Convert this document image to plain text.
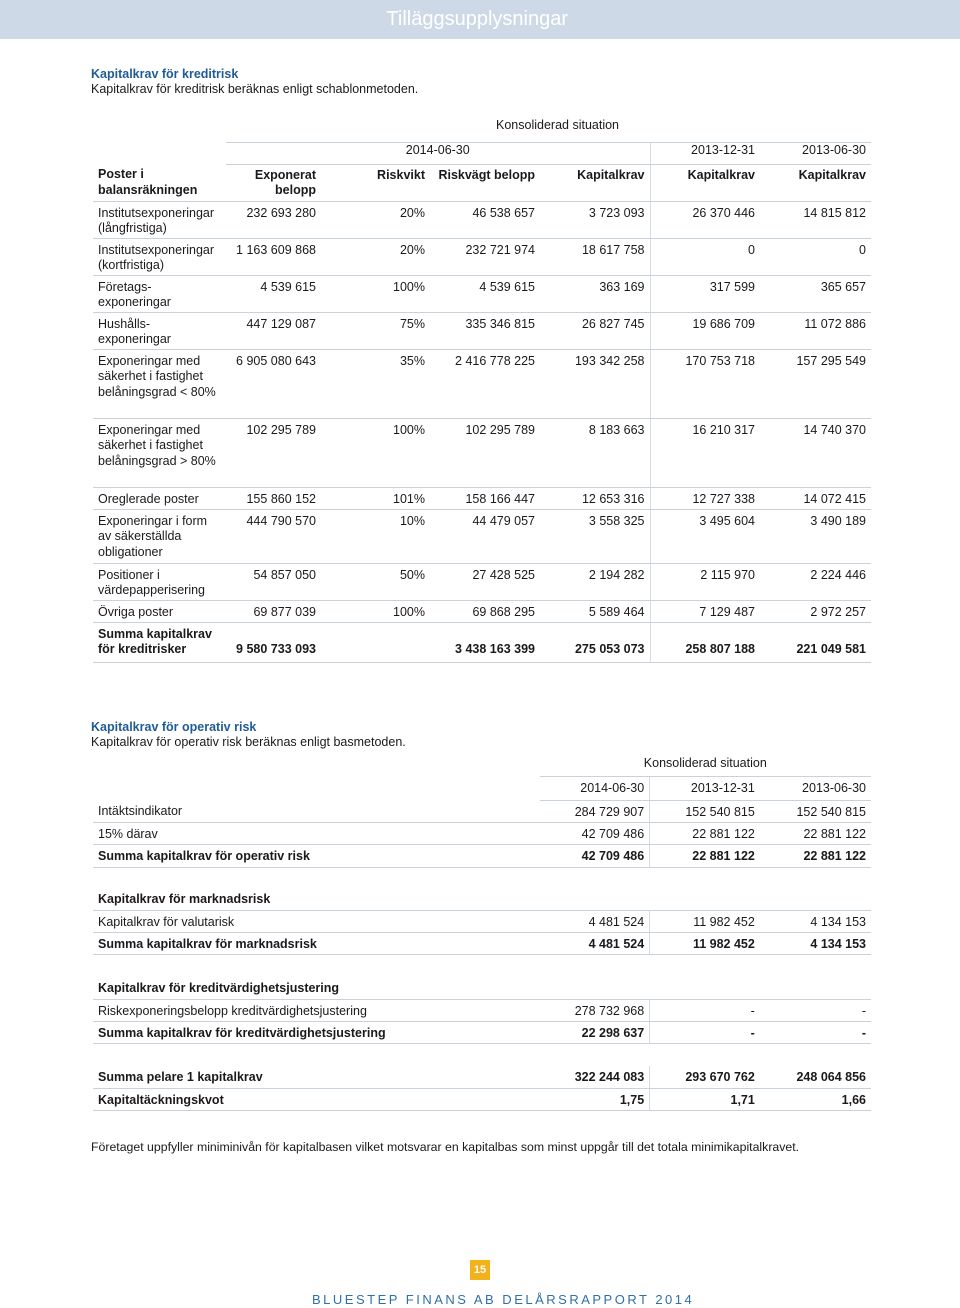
Tilläggsupplysningar
Kapitalkrav för kreditrisk
Kapitalkrav för kreditrisk beräknas enligt schablonmetoden.
			Konsoliderad situation			
	2014-06-30				2013-12-31	2013-06-30
Poster i balansräkningen	Exponerat belopp	Riskvikt	Riskvägt belopp	Kapitalkrav	Kapitalkrav	Kapitalkrav
Institutsexponeringar (långfristiga)	232 693 280	20%	46 538 657	3 723 093	26 370 446	14 815 812
Institutsexponeringar (kortfristiga)	1 163 609 868	20%	232 721 974	18 617 758	0	0
Företags- exponeringar	4 539 615	100%	4 539 615	363 169	317 599	365 657
Hushålls- exponeringar	447 129 087	75%	335 346 815	26 827 745	19 686 709	11 072 886
Exponeringar med säkerhet i fastighet belåningsgrad < 80%	6 905 080 643	35%	2 416 778 225	193 342 258	170 753 718	157 295 549
Exponeringar med säkerhet i fastighet belåningsgrad > 80%	102 295 789	100%	102 295 789	8 183 663	16 210 317	14 740 370
Oreglerade poster	155 860 152	101%	158 166 447	12 653 316	12 727 338	14 072 415
Exponeringar i form av säkerställda obligationer	444 790 570	10%	44 479 057	3 558 325	3 495 604	3 490 189
Positioner i värdepapperisering	54 857 050	50%	27 428 525	2 194 282	2 115 970	2 224 446
Övriga poster	69 877 039	100%	69 868 295	5 589 464	7 129 487	2 972 257
Summa kapitalkrav för kreditrisker	9 580 733 093		3 438 163 399	275 053 073	258 807 188	221 049 581
Kapitalkrav för operativ risk
Kapitalkrav för operativ risk beräknas enligt basmetoden.
	Konsoliderad situation		
	2014-06-30	2013-12-31	2013-06-30
Intäktsindikator	284 729 907	152 540 815	152 540 815
15% därav	42 709 486	22 881 122	22 881 122
Summa kapitalkrav för operativ risk	42 709 486	22 881 122	22 881 122

Kapitalkrav för marknadsrisk			
Kapitalkrav för valutarisk	4 481 524	11 982 452	4 134 153
Summa kapitalkrav för marknadsrisk	4 481 524	11 982 452	4 134 153

Kapitalkrav för kreditvärdighetsjustering			
Riskexponeringsbelopp kreditvärdighetsjustering	278 732 968	-	-
Summa kapitalkrav för kreditvärdighetsjustering	22 298 637	-	-

Summa pelare 1 kapitalkrav	322 244 083	293 670 762	248 064 856
Kapitaltäckningskvot	1,75	1,71	1,66
Företaget uppfyller miniminivån för kapitalbasen vilket motsvarar en kapitalbas som minst uppgår till det totala minimikapitalkravet.
15
BLUESTEP FINANS AB DELÅRSRAPPORT 2014
